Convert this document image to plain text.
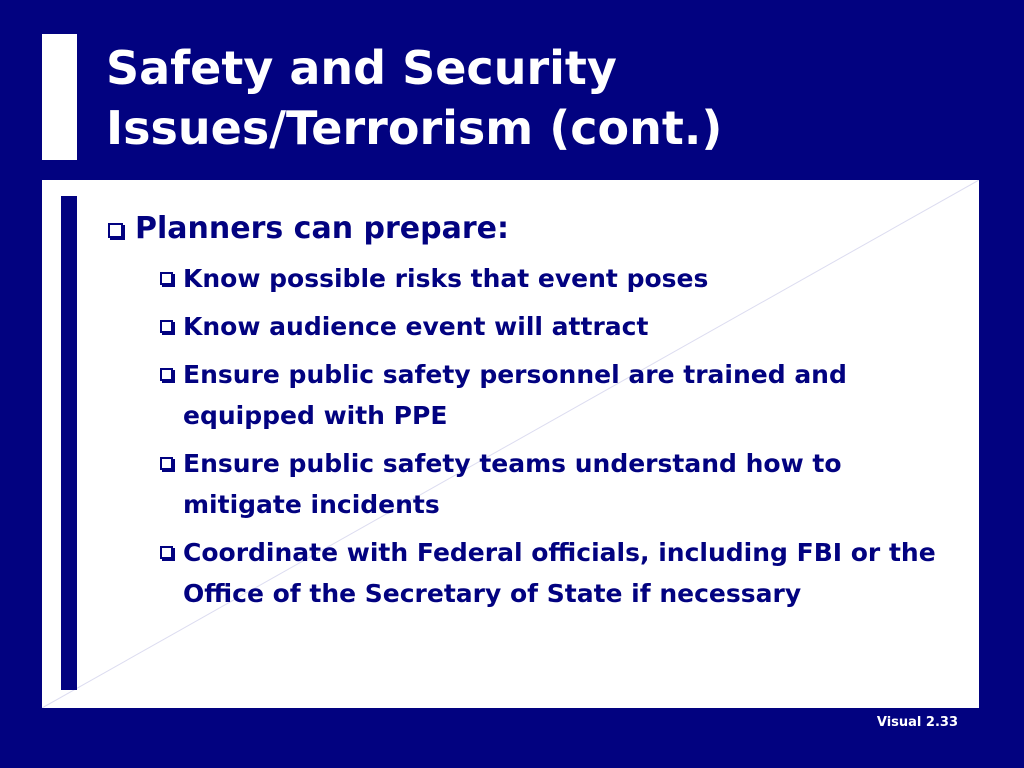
Safety and Security Issues/Terrorism (cont.)
Planners can prepare:
Know possible risks that event poses
Know audience event will attract
Ensure public safety personnel are trained and equipped with PPE
Ensure public safety teams understand how to mitigate incidents
Coordinate with Federal officials, including FBI or the Office of the Secretary of State if necessary
Visual 2.33
